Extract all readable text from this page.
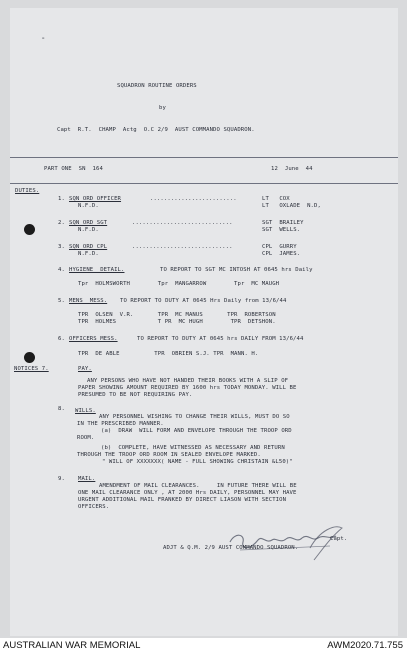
=
SQUADRON ROUTINE ORDERS
by
Capt  R.T.  CHAMP  Actg  O.C 2/9  AUST COMMANDO SQUADRON.
PART ONE  SN  164	12  June  44
DUTIES.
1. SQN ORD OFFICER	.........................	LT   COX
N.F.D.	LT   OXLADE  N.D,
2. SQN ORD SGT	.............................	SGT  BRAILEY
N.F.D.	SGT  WELLS.
3. SQN ORD CPL	.............................	CPL  GURRY
N.F.D.	CPL  JAMES.
4. HYGIENE  DETAIL.	TO REPORT TO SGT MC INTOSH AT 0645 hrs Daily
Tpr  HOLMSWORTH        Tpr  MANGARROW        Tpr  MC MAUGH
5. MENS  MESS. TO REPORT TO DUTY AT 0645 Hrs Daily from 13/6/44
TPR  OLSEN  V.R.       TPR  MC MANUS       TPR  ROBERTSON
TPR  HOLMES            T PR  MC HUGH        TPR  DETSHON.
6. OFFICERS MESS.	TO REPORT TO DUTY AT 0645 hrs DAILY FROM 13/6/44
TPR  DE ABLE          TPR  OBRIEN S.J. TPR  MANN. H.
NOTICES 7.	PAY.
ANY PERSONS WHO HAVE NOT HANDED THEIR BOOKS WITH A SLIP OF
PAPER SHOWING AMOUNT REQUIRED BY 1600 hrs TODAY MONDAY. WILL BE
PRESUMED TO BE NOT REQUIRING PAY.
8. WILLS.
ANY PERSONNEL WISHING TO CHANGE THEIR WILLS, MUST DO SO
IN THE PRESCRIBED MANNER.
(a)  DRAW  WILL FORM AND ENVELOPE THROUGH THE TROOP ORD
ROOM.
(b)  COMPLETE, HAVE WITNESSED AS NECESSARY AND RETURN
THROUGH THE TROOP ORD ROOM IN SEALED ENVELOPE MARKED.
" WILL OF XXXXXXX( NAME - FULL SHOWING CHRISTAIN &L50)"
9. MAIL.
AMENDMENT OF MAIL CLEARANCES.     IN FUTURE THERE WILL BE
ONE MAIL CLEARANCE ONLY , AT 2000 Hrs DAILY, PERSONNEL MAY HAVE
URGENT ADDITIONAL MAIL FRANKED BY DIRECT LIASON WITH SECTION
OFFICERS.
Capt.
ADJT & Q.M. 2/9 AUST COMMANDO SQUADRON.
AUSTRALIAN WAR MEMORIAL	AWM2020.71.755
